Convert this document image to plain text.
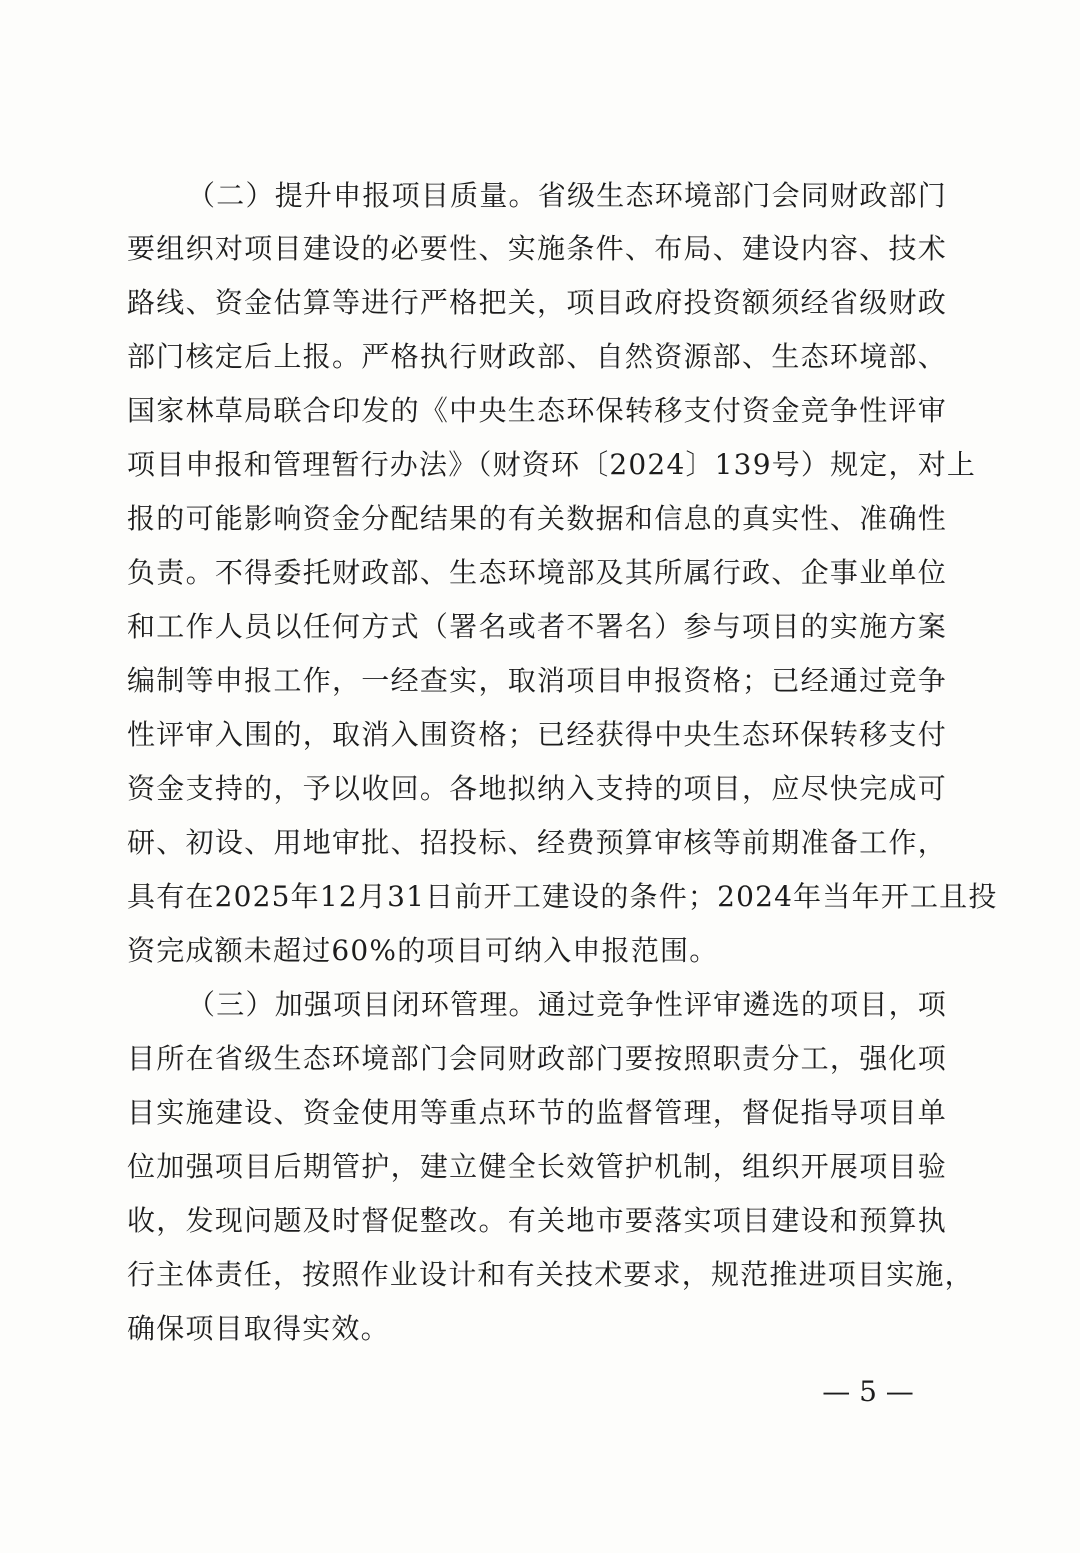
（二）提升申报项目质量。省级生态环境部门会同财政部门
要组织对项目建设的必要性、实施条件、布局、建设内容、技术
路线、资金估算等进行严格把关，项目政府投资额须经省级财政
部门核定后上报。严格执行财政部、自然资源部、生态环境部、
国家林草局联合印发的《中央生态环保转移支付资金竞争性评审
项目申报和管理暂行办法》（财资环〔2024〕139号）规定，对上
报的可能影响资金分配结果的有关数据和信息的真实性、准确性
负责。不得委托财政部、生态环境部及其所属行政、企事业单位
和工作人员以任何方式（署名或者不署名）参与项目的实施方案
编制等申报工作，一经查实，取消项目申报资格；已经通过竞争
性评审入围的，取消入围资格；已经获得中央生态环保转移支付
资金支持的，予以收回。各地拟纳入支持的项目，应尽快完成可
研、初设、用地审批、招投标、经费预算审核等前期准备工作，
具有在2025年12月31日前开工建设的条件；2024年当年开工且投
资完成额未超过60%的项目可纳入申报范围。
（三）加强项目闭环管理。通过竞争性评审遴选的项目，项
目所在省级生态环境部门会同财政部门要按照职责分工，强化项
目实施建设、资金使用等重点环节的监督管理，督促指导项目单
位加强项目后期管护，建立健全长效管护机制，组织开展项目验
收，发现问题及时督促整改。有关地市要落实项目建设和预算执
行主体责任，按照作业设计和有关技术要求，规范推进项目实施，
确保项目取得实效。
— 5 —
